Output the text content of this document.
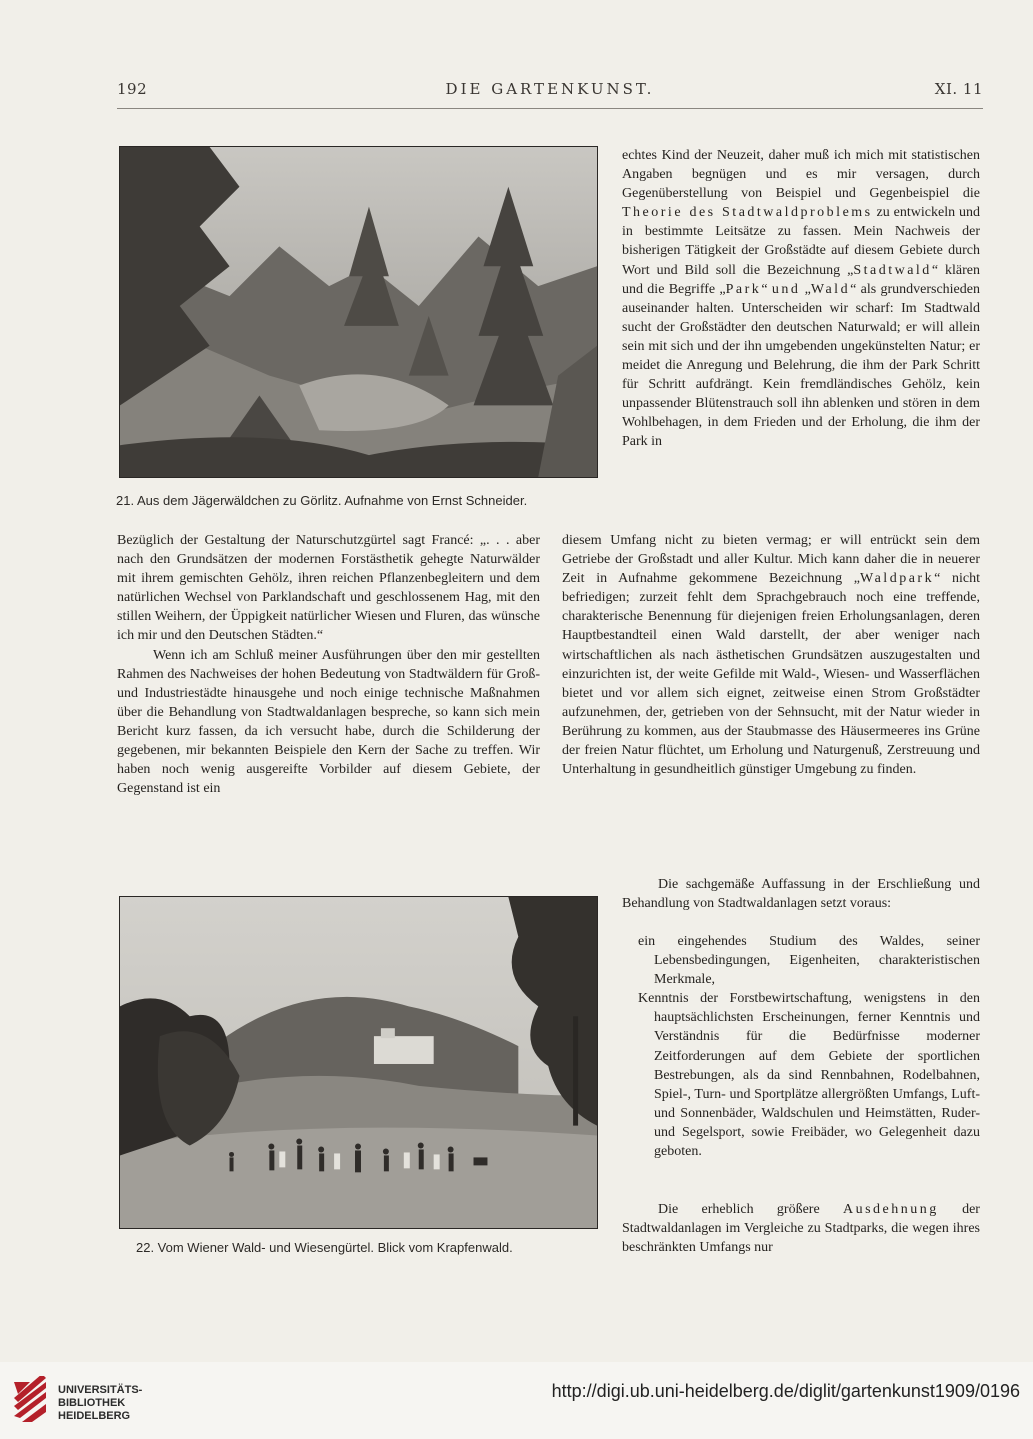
192	DIE GARTENKUNST.	XI. 11
21. Aus dem Jägerwäldchen zu Görlitz. Aufnahme von Ernst Schneider.

echtes Kind der Neuzeit, daher muß ich mich mit statistischen Angaben begnügen und es mir versagen, durch Gegenüberstellung von Beispiel und Gegenbeispiel die Theorie des Stadtwaldproblems zu entwickeln und in bestimmte Leitsätze zu fassen. Mein Nachweis der bisherigen Tätigkeit der Großstädte auf diesem Gebiete durch Wort und Bild soll die Bezeichnung „Stadtwald“ klären und die Begriffe „Park“ und „Wald“ als grundverschieden auseinander halten. Unterscheiden wir scharf: Im Stadtwald sucht der Großstädter den deutschen Naturwald; er will allein sein mit sich und der ihn umgebenden ungekünstelten Natur; er meidet die Anregung und Belehrung, die ihm der Park Schritt für Schritt aufdrängt. Kein fremdländisches Gehölz, kein unpassender Blütenstrauch soll ihn ablenken und stören in dem Wohlbehagen, in dem Frieden und der Erholung, die ihm der Park in

Bezüglich der Gestaltung der Naturschutzgürtel sagt Francé: „. . . aber nach den Grundsätzen der modernen Forstästhetik gehegte Naturwälder mit ihrem gemischten Gehölz, ihren reichen Pflanzenbegleitern und dem natürlichen Wechsel von Parklandschaft und geschlossenem Hag, mit den stillen Weihern, der Üppigkeit natürlicher Wiesen und Fluren, das wünsche ich mir und den Deutschen Städten.“

Wenn ich am Schluß meiner Ausführungen über den mir gestellten Rahmen des Nachweises der hohen Bedeutung von Stadtwäldern für Groß- und Industriestädte hinausgehe und noch einige technische Maßnahmen über die Behandlung von Stadtwaldanlagen bespreche, so kann sich mein Bericht kurz fassen, da ich versucht habe, durch die Schilderung der gegebenen, mir bekannten Beispiele den Kern der Sache zu treffen. Wir haben noch wenig ausgereifte Vorbilder auf diesem Gebiete, der Gegenstand ist ein

diesem Umfang nicht zu bieten vermag; er will entrückt sein dem Getriebe der Großstadt und aller Kultur. Mich kann daher die in neuerer Zeit in Aufnahme gekommene Bezeichnung „Waldpark“ nicht befriedigen; zurzeit fehlt dem Sprachgebrauch noch eine treffende, charakterische Benennung für diejenigen freien Erholungsanlagen, deren Hauptbestandteil einen Wald darstellt, der aber weniger nach wirtschaftlichen als nach ästhetischen Grundsätzen auszugestalten und einzurichten ist, der weite Gefilde mit Wald-, Wiesen- und Wasserflächen bietet und vor allem sich eignet, zeitweise einen Strom Großstädter aufzunehmen, der, getrieben von der Sehnsucht, mit der Natur wieder in Berührung zu kommen, aus der Staubmasse des Häusermeeres ins Grüne der freien Natur flüchtet, um Erholung und Naturgenuß, Zerstreuung und Unterhaltung in gesundheitlich günstiger Umgebung zu finden.

22. Vom Wiener Wald- und Wiesengürtel. Blick vom Krapfenwald.

Die sachgemäße Auffassung in der Erschließung und Behandlung von Stadtwaldanlagen setzt voraus:

ein eingehendes Studium des Waldes, seiner Lebensbedingungen, Eigenheiten, charakteristischen Merkmale,

Kenntnis der Forstbewirtschaftung, wenigstens in den hauptsächlichsten Erscheinungen, ferner Kenntnis und Verständnis für die Bedürfnisse moderner Zeitforderungen auf dem Gebiete der sportlichen Bestrebungen, als da sind Rennbahnen, Rodelbahnen, Spiel-, Turn- und Sportplätze allergrößten Umfangs, Luft- und Sonnenbäder, Waldschulen und Heimstätten, Ruder- und Segelsport, sowie Freibäder, wo Gelegenheit dazu geboten.

Die erheblich größere Ausdehnung der Stadtwaldanlagen im Vergleiche zu Stadtparks, die wegen ihres beschränkten Umfangs nur

UNIVERSITÄTS-
BIBLIOTHEK
HEIDELBERG
http://digi.ub.uni-heidelberg.de/diglit/gartenkunst1909/0196
